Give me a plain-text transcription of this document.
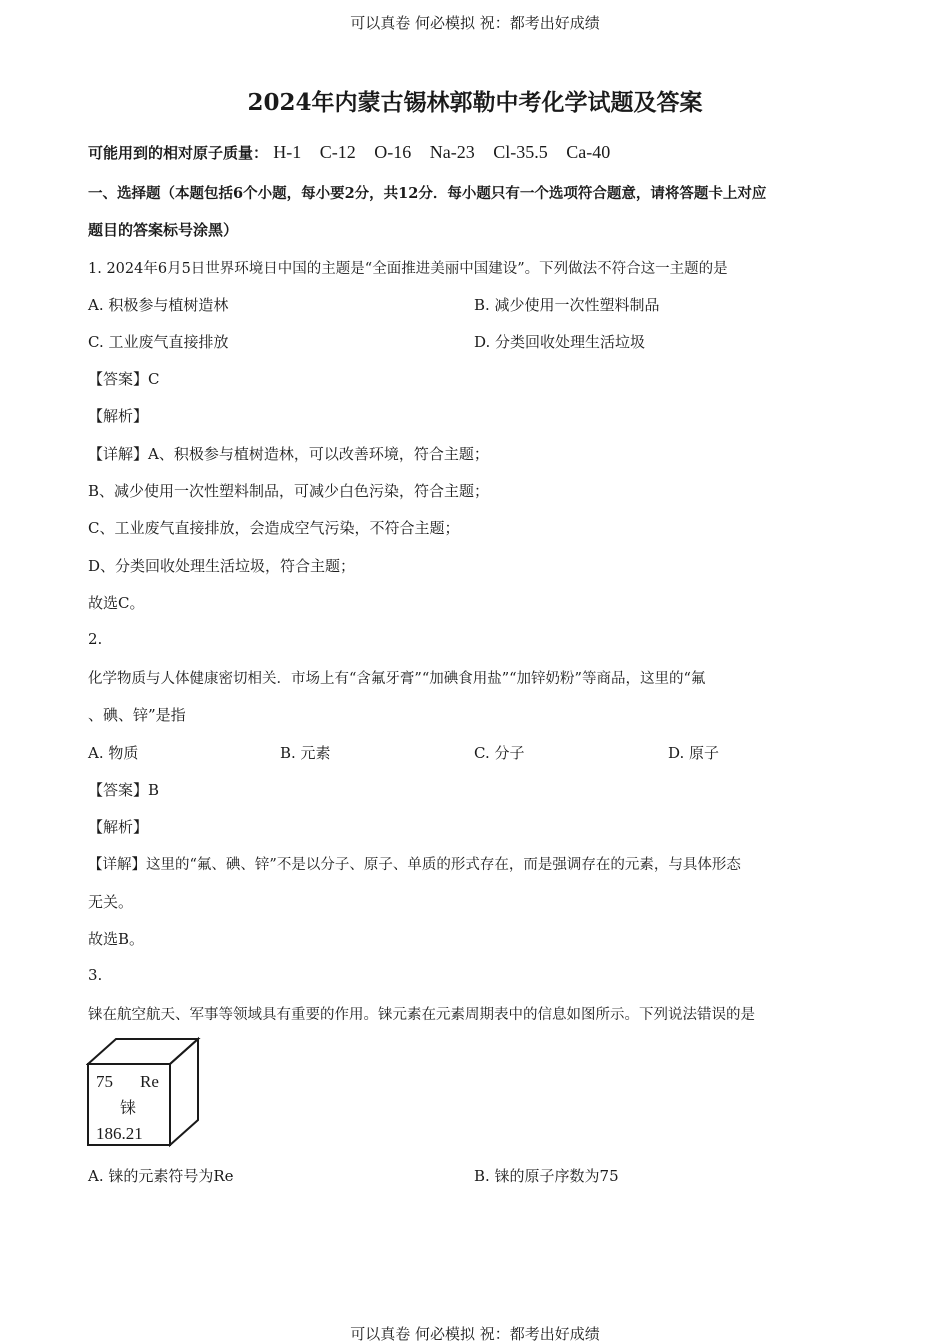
可以真卷 何必模拟 祝：都考出好成绩
2024年内蒙古锡林郭勒中考化学试题及答案
可能用到的相对原子质量： H-1 C-12 O-16 Na-23 Cl-35.5 Ca-40
一、选择题（本题包括6个小题，每小要2分，共12分．每小题只有一个选项符合题意，请将答题卡上对应
题目的答案标号涂黑）
1. 2024年6月5日世界环境日中国的主题是“全面推进美丽中国建设”。下列做法不符合这一主题的是
A. 积极参与植树造林	B. 减少使用一次性塑料制品
C. 工业废气直接排放	D. 分类回收处理生活垃圾
【答案】C
【解析】
【详解】A、积极参与植树造林，可以改善环境，符合主题；
B、减少使用一次性塑料制品，可减少白色污染，符合主题；
C、工业废气直接排放，会造成空气污染，不符合主题；
D、分类回收处理生活垃圾，符合主题；
故选C。
2.
化学物质与人体健康密切相关．市场上有“含氟牙膏”“加碘食用盐”“加锌奶粉”等商品，这里的“氟
、碘、锌”是指
A. 物质	B. 元素	C. 分子	D. 原子
【答案】B
【解析】
【详解】这里的“氟、碘、锌”不是以分子、原子、单质的形式存在，而是强调存在的元素，与具体形态
无关。
故选B。
3.
铼在航空航天、军事等领域具有重要的作用。铼元素在元素周期表中的信息如图所示。下列说法错误的是
75 Re
铼
186.21
A. 铼的元素符号为Re	B. 铼的原子序数为75
可以真卷 何必模拟 祝：都考出好成绩
